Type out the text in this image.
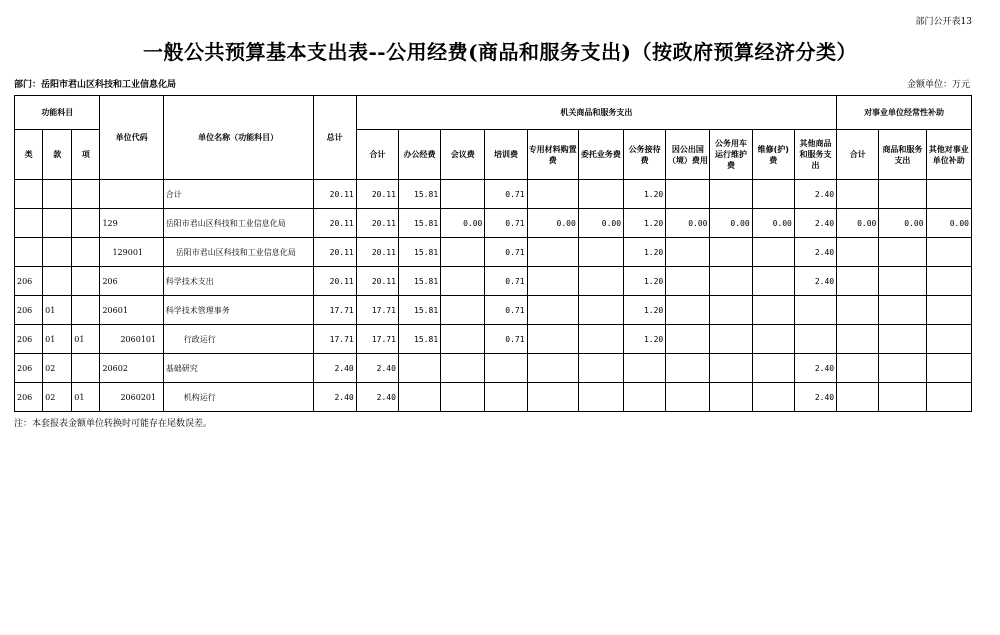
部门公开表13
一般公共预算基本支出表--公用经费(商品和服务支出)（按政府预算经济分类）
部门：岳阳市君山区科技和工业信息化局	金额单位：万元
功能科目			单位代码	单位名称（功能科目）	总计	机关商品和服务支出											对事业单位经常性补助		
类	款	项				合计	办公经费	会议费	培训费	专用材料购置费	委托业务费	公务接待费	因公出国（境）费用	公务用车运行维护费	维修(护)费	其他商品和服务支出	合计	商品和服务支出	其他对事业单位补助
				合计	20.11	20.11	15.81		0.71			1.20				2.40			
			129	岳阳市君山区科技和工业信息化局	20.11	20.11	15.81	0.00	0.71	0.00	0.00	1.20	0.00	0.00	0.00	2.40	0.00	0.00	0.00
			129001	岳阳市君山区科技和工业信息化局	20.11	20.11	15.81		0.71			1.20				2.40			
206			206	科学技术支出	20.11	20.11	15.81		0.71			1.20				2.40			
206	01		20601	科学技术管理事务	17.71	17.71	15.81		0.71			1.20							
206	01	01	2060101	行政运行	17.71	17.71	15.81		0.71			1.20							
206	02		20602	基础研究	2.40	2.40										2.40			
206	02	01	2060201	机构运行	2.40	2.40										2.40			
注：本套报表金额单位转换时可能存在尾数误差。
